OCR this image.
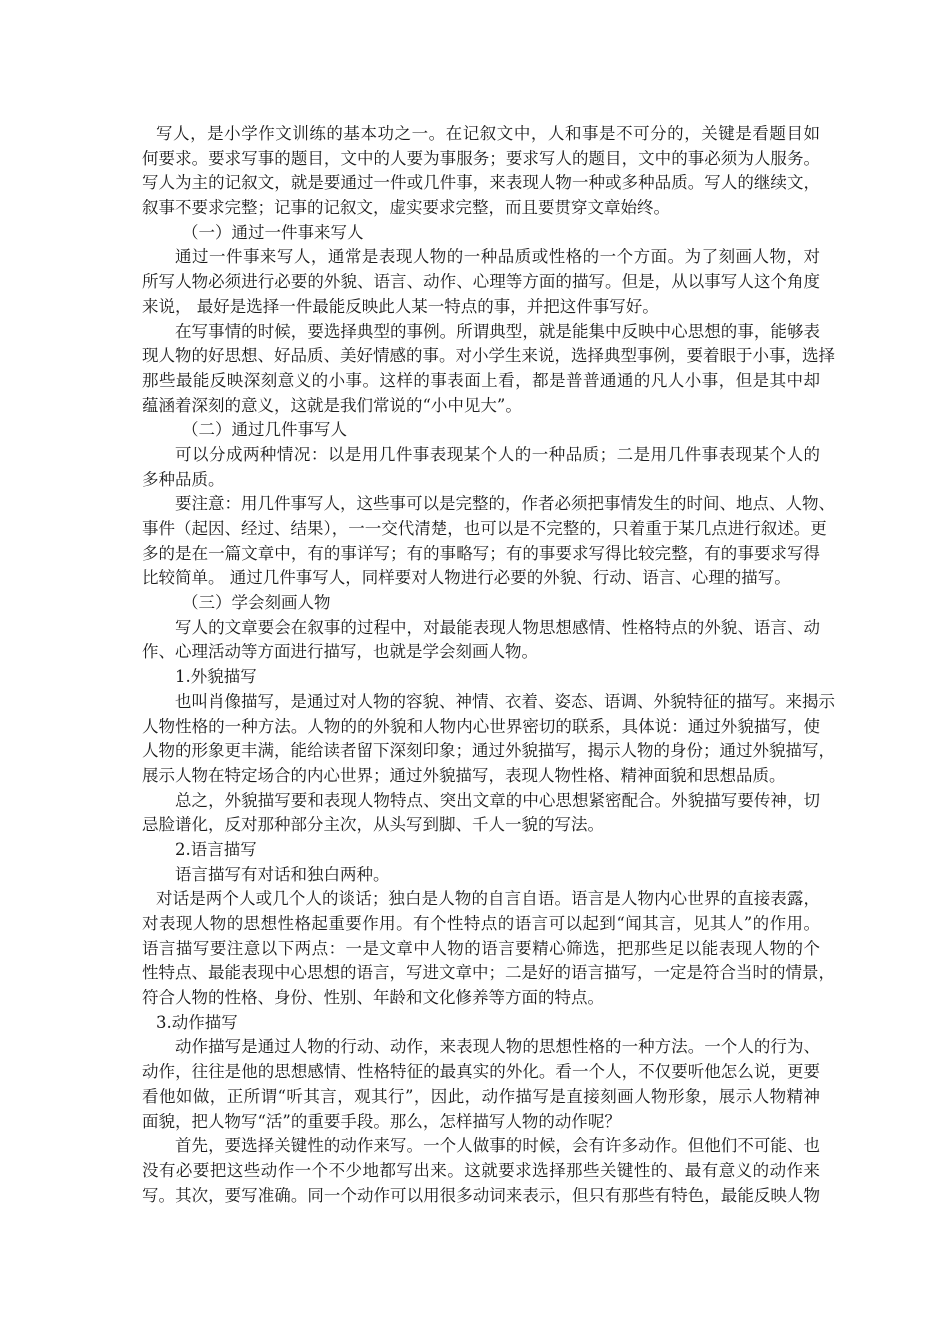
写人，是小学作文训练的基本功之一。在记叙文中，人和事是不可分的，关键是看题目如
何要求。要求写事的题目，文中的人要为事服务；要求写人的题目，文中的事必须为人服务。
写人为主的记叙文，就是要通过一件或几件事，来表现人物一种或多种品质。写人的继续文，
叙事不要求完整；记事的记叙文，虚实要求完整，而且要贯穿文章始终。
（一）通过一件事来写人
通过一件事来写人，通常是表现人物的一种品质或性格的一个方面。为了刻画人物，对
所写人物必须进行必要的外貌、语言、动作、心理等方面的描写。但是，从以事写人这个角度
来说， 最好是选择一件最能反映此人某一特点的事，并把这件事写好。
在写事情的时候，要选择典型的事例。所谓典型，就是能集中反映中心思想的事，能够表
现人物的好思想、好品质、美好情感的事。对小学生来说，选择典型事例，要着眼于小事，选择
那些最能反映深刻意义的小事。这样的事表面上看，都是普普通通的凡人小事，但是其中却
蕴涵着深刻的意义，这就是我们常说的“小中见大”。
（二）通过几件事写人
可以分成两种情况：以是用几件事表现某个人的一种品质；二是用几件事表现某个人的
多种品质。
要注意：用几件事写人，这些事可以是完整的，作者必须把事情发生的时间、地点、人物、
事件（起因、经过、结果），一一交代清楚，也可以是不完整的，只着重于某几点进行叙述。更
多的是在一篇文章中，有的事详写；有的事略写；有的事要求写得比较完整，有的事要求写得
比较简单。 通过几件事写人，同样要对人物进行必要的外貌、行动、语言、心理的描写。
（三）学会刻画人物
写人的文章要会在叙事的过程中，对最能表现人物思想感情、性格特点的外貌、语言、动
作、心理活动等方面进行描写，也就是学会刻画人物。
1.外貌描写
也叫肖像描写，是通过对人物的容貌、神情、衣着、姿态、语调、外貌特征的描写。来揭示
人物性格的一种方法。人物的的外貌和人物内心世界密切的联系，具体说：通过外貌描写，使
人物的形象更丰满，能给读者留下深刻印象；通过外貌描写，揭示人物的身份；通过外貌描写，
展示人物在特定场合的内心世界；通过外貌描写，表现人物性格、精神面貌和思想品质。
总之，外貌描写要和表现人物特点、突出文章的中心思想紧密配合。外貌描写要传神，切
忌脸谱化，反对那种部分主次，从头写到脚、千人一貌的写法。
2.语言描写
语言描写有对话和独白两种。
对话是两个人或几个人的谈话；独白是人物的自言自语。语言是人物内心世界的直接表露，
对表现人物的思想性格起重要作用。有个性特点的语言可以起到“闻其言，见其人”的作用。
语言描写要注意以下两点：一是文章中人物的语言要精心筛选，把那些足以能表现人物的个
性特点、最能表现中心思想的语言，写进文章中；二是好的语言描写，一定是符合当时的情景，
符合人物的性格、身份、性别、年龄和文化修养等方面的特点。
3.动作描写
动作描写是通过人物的行动、动作，来表现人物的思想性格的一种方法。一个人的行为、
动作，往往是他的思想感情、性格特征的最真实的外化。看一个人，不仅要听他怎么说，更要
看他如做，正所谓“听其言，观其行”，因此，动作描写是直接刻画人物形象，展示人物精神
面貌，把人物写“活”的重要手段。那么，怎样描写人物的动作呢？
首先，要选择关键性的动作来写。一个人做事的时候，会有许多动作。但他们不可能、也
没有必要把这些动作一个不少地都写出来。这就要求选择那些关键性的、最有意义的动作来
写。其次，要写准确。同一个动作可以用很多动词来表示，但只有那些有特色，最能反映人物
